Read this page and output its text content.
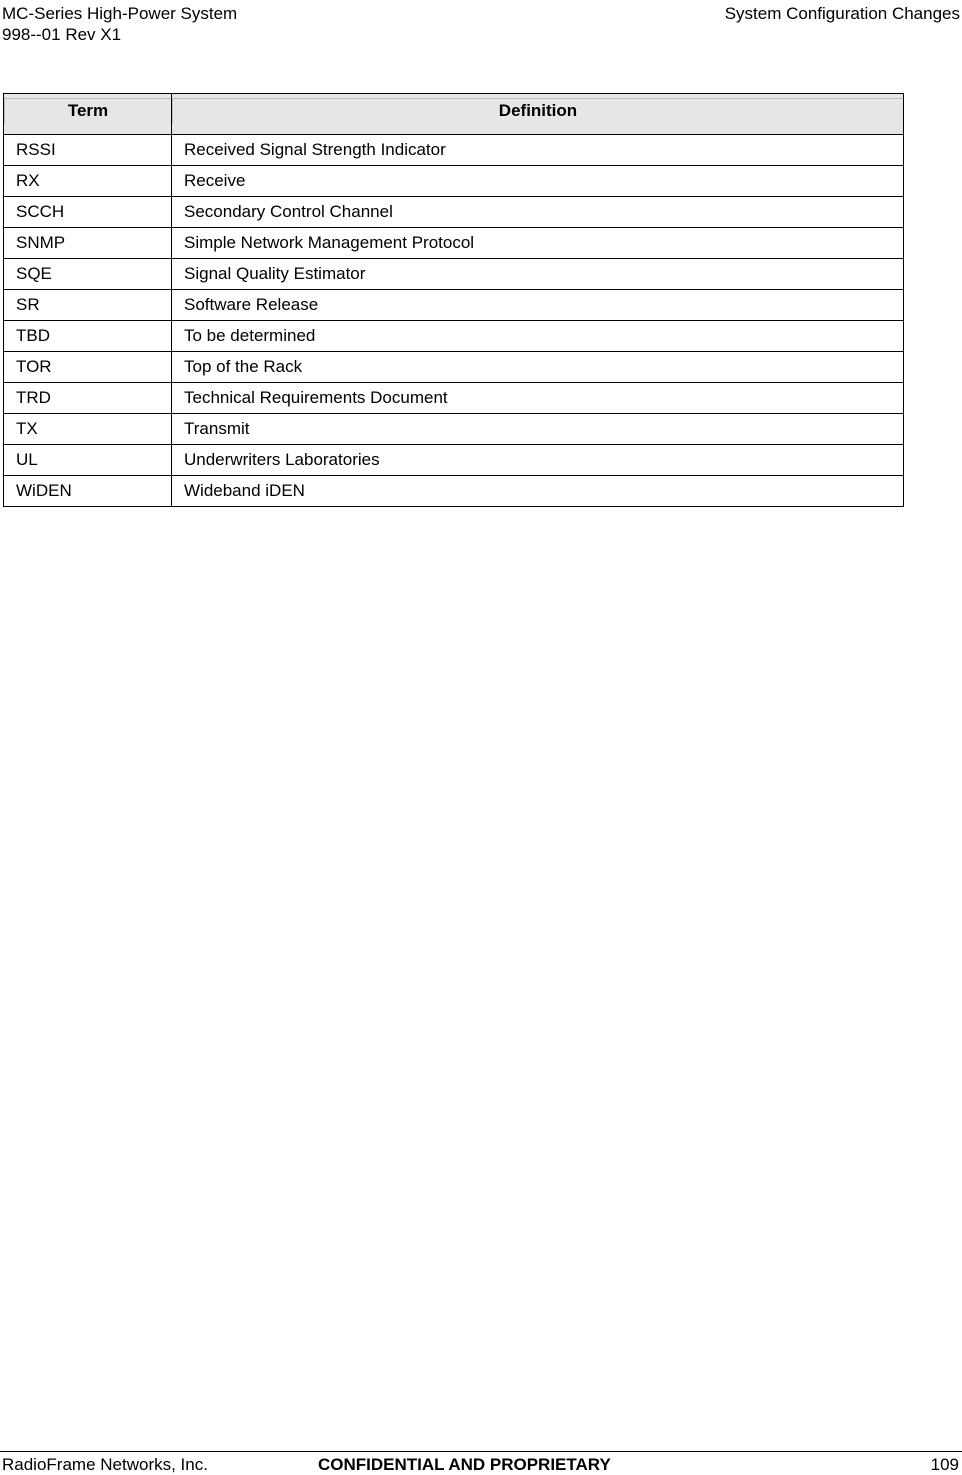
MC-Series High-Power System
998--01 Rev X1
System Configuration Changes
Term	Definition

RSSI	Received Signal Strength Indicator
RX	Receive
SCCH	Secondary Control Channel
SNMP	Simple Network Management Protocol
SQE	Signal Quality Estimator
SR	Software Release
TBD	To be determined
TOR	Top of the Rack
TRD	Technical Requirements Document
TX	Transmit
UL	Underwriters Laboratories
WiDEN	Wideband iDEN
RadioFrame Networks, Inc.	CONFIDENTIAL AND PROPRIETARY	109
